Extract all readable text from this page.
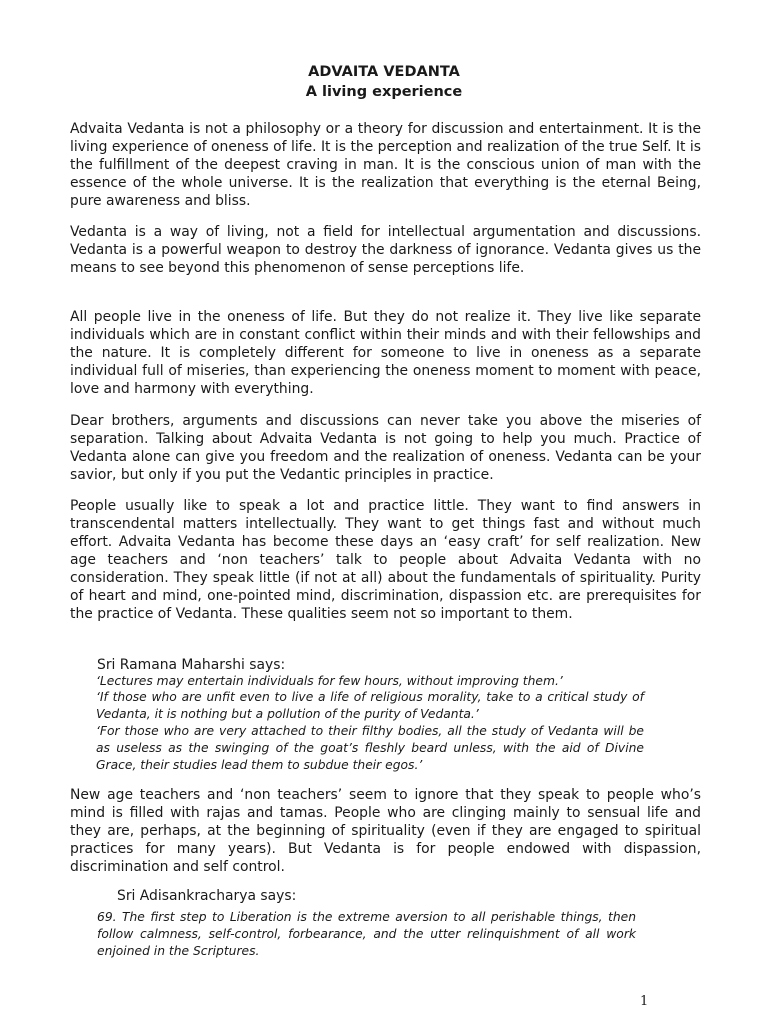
ADVAITA VEDANTA
A living experience

Advaita Vedanta is not a philosophy or a theory for discussion and entertainment. It is the living experience of oneness of life. It is the perception and realization of the true Self. It is the fulfillment of the deepest craving in man. It is the conscious union of man with the essence of the whole universe. It is the realization that everything is the eternal Being, pure awareness and bliss.

Vedanta is a way of living, not a field for intellectual argumentation and discussions. Vedanta is a powerful weapon to destroy the darkness of ignorance. Vedanta gives us the means to see beyond this phenomenon of sense perceptions life.

All people live in the oneness of life. But they do not realize it. They live like separate individuals which are in constant conflict within their minds and with their fellowships and the nature. It is completely different for someone to live in oneness as a separate individual full of miseries, than experiencing the oneness moment to moment with peace, love and harmony with everything.

Dear brothers, arguments and discussions can never take you above the miseries of separation. Talking about Advaita Vedanta is not going to help you much. Practice of Vedanta alone can give you freedom and the realization of oneness. Vedanta can be your savior, but only if you put the Vedantic principles in practice.

People usually like to speak a lot and practice little. They want to find answers in transcendental matters intellectually. They want to get things fast and without much effort. Advaita Vedanta has become these days an ‘easy craft’ for self realization. New age teachers and ‘non teachers’ talk to people about Advaita Vedanta with no consideration. They speak little (if not at all) about the fundamentals of spirituality. Purity of heart and mind, one-pointed mind, discrimination, dispassion etc. are prerequisites for the practice of Vedanta. These qualities seem not so important to them.

Sri Ramana Maharshi says:

‘Lectures may entertain individuals for few hours, without improving them.’

‘If those who are unfit even to live a life of religious morality, take to a critical study of Vedanta, it is nothing but a pollution of the purity of Vedanta.’

‘For those who are very attached to their filthy bodies, all the study of Vedanta will be as useless as the swinging of the goat’s fleshly beard unless, with the aid of Divine Grace, their studies lead them to subdue their egos.’

New age teachers and ‘non teachers’ seem to ignore that they speak to people who’s mind is filled with rajas and tamas. People who are clinging mainly to sensual life and they are, perhaps, at the beginning of spirituality (even if they are engaged to spiritual practices for many years). But Vedanta is for people endowed with dispassion, discrimination and self control.

Sri Adisankracharya says:

69. The first step to Liberation is the extreme aversion to all perishable things, then follow calmness, self-control, forbearance, and the utter relinquishment of all work enjoined in the Scriptures.

1
